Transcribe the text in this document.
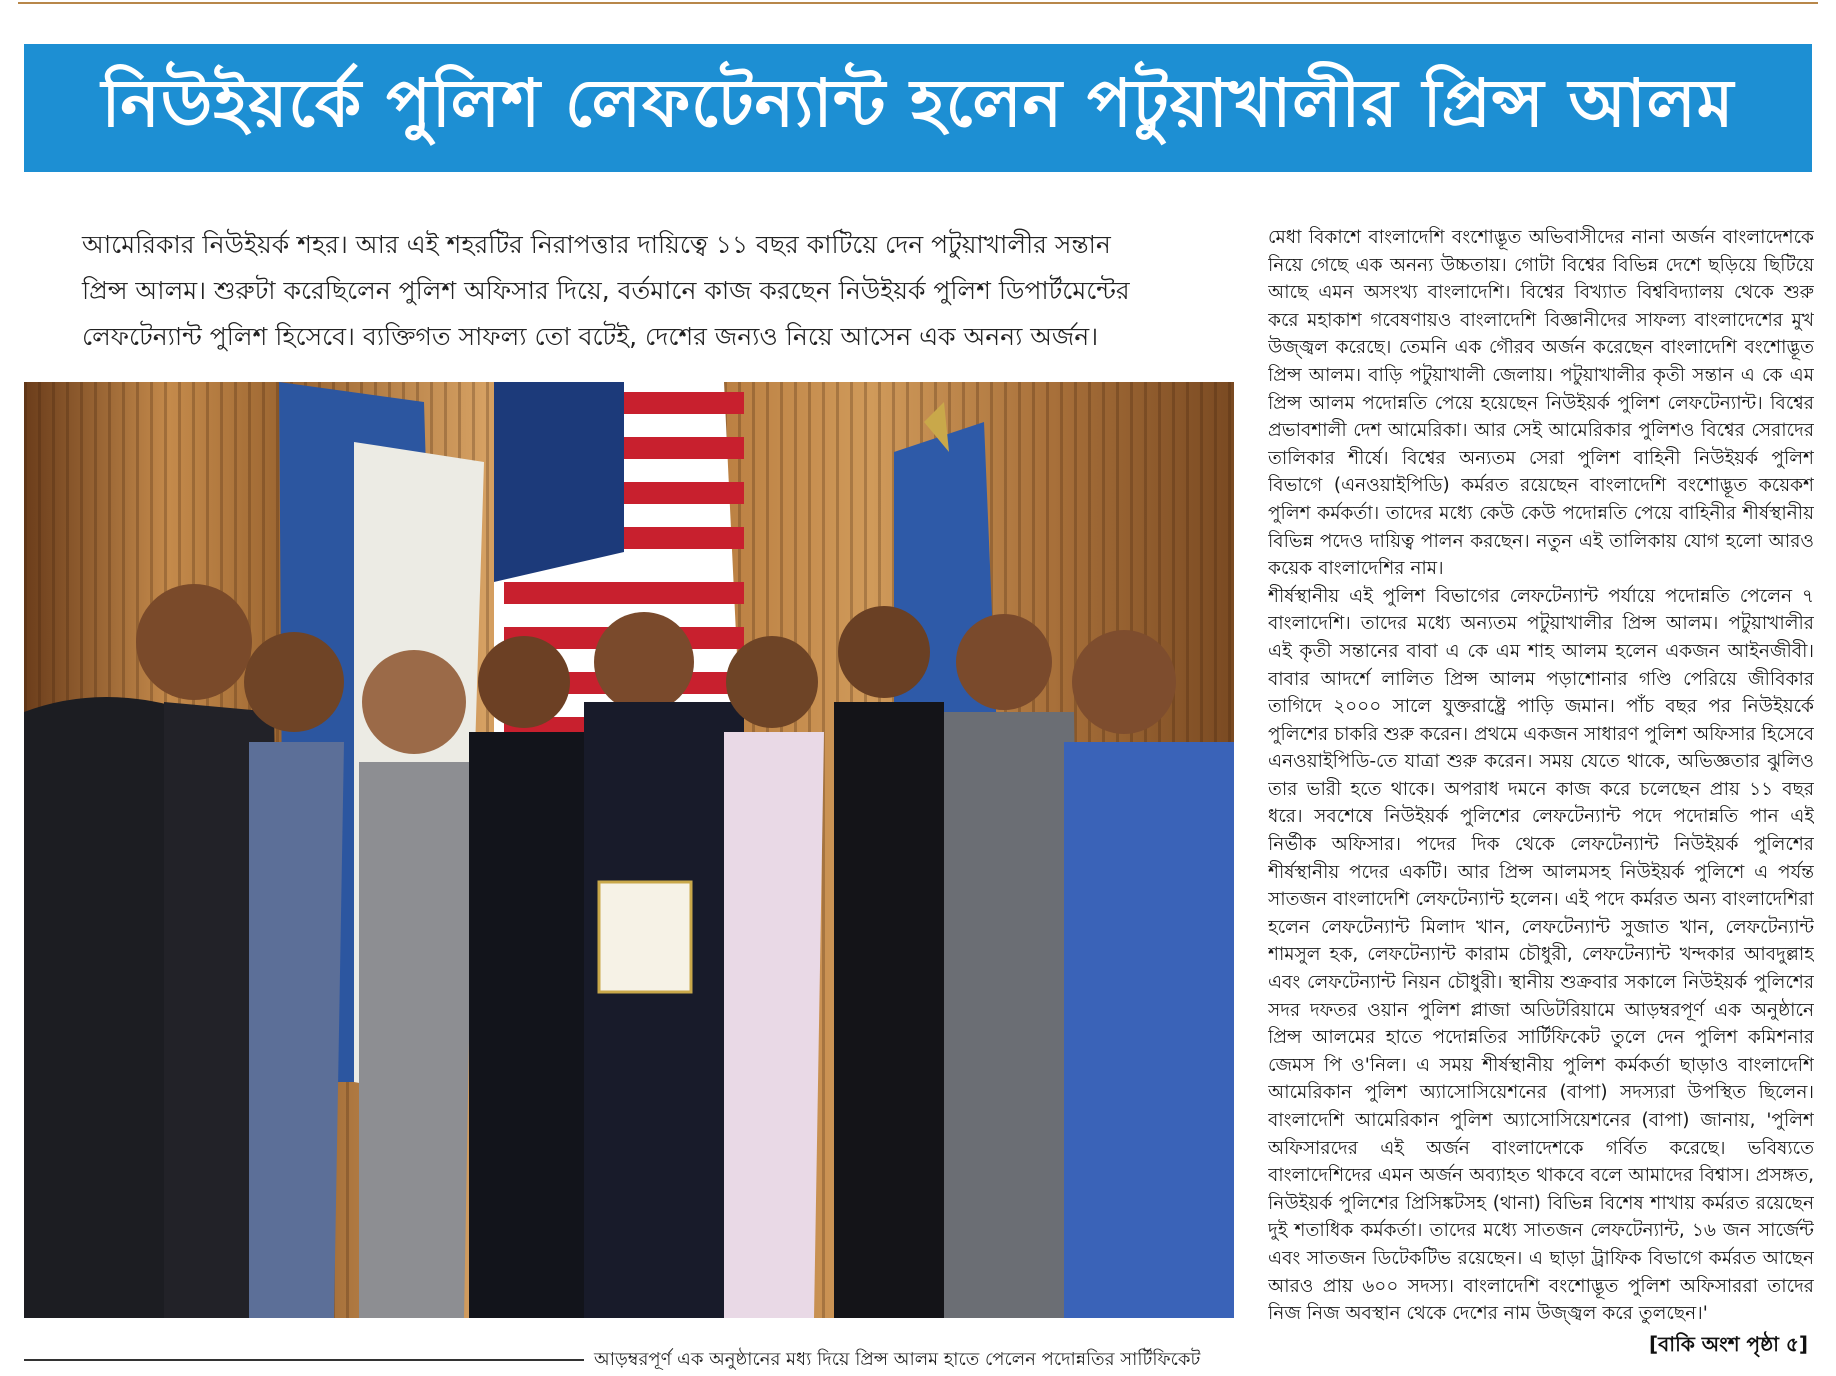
নিউইয়র্কে পুলিশ লেফটেন্যান্ট হলেন পটুয়াখালীর প্রিন্স আলম

আমেরিকার নিউইয়র্ক শহর। আর এই শহরটির নিরাপত্তার দায়িত্বে ১১ বছর কাটিয়ে দেন পটুয়াখালীর সন্তান

প্রিন্স আলম। শুরুটা করেছিলেন পুলিশ অফিসার দিয়ে, বর্তমানে কাজ করছেন নিউইয়র্ক পুলিশ ডিপার্টমেন্টের

লেফটেন্যান্ট পুলিশ হিসেবে। ব্যক্তিগত সাফল্য তো বটেই, দেশের জন্যও নিয়ে আসেন এক অনন্য অর্জন।

আড়ম্বরপূর্ণ এক অনুষ্ঠানের মধ্য দিয়ে প্রিন্স আলম হাতে পেলেন পদোন্নতির সার্টিফিকেট

মেধা বিকাশে বাংলাদেশি বংশোদ্ভূত অভিবাসীদের নানা অর্জন বাংলাদেশকে নিয়ে গেছে এক অনন্য উচ্চতায়। গোটা বিশ্বের বিভিন্ন দেশে ছড়িয়ে ছিটিয়ে আছে এমন অসংখ্য বাংলাদেশি। বিশ্বের বিখ্যাত বিশ্ববিদ্যালয় থেকে শুরু করে মহাকাশ গবেষণায়ও বাংলাদেশি বিজ্ঞানীদের সাফল্য বাংলাদেশের মুখ উজ্জ্বল করেছে। তেমনি এক গৌরব অর্জন করেছেন বাংলাদেশি বংশোদ্ভূত প্রিন্স আলম। বাড়ি পটুয়াখালী জেলায়। পটুয়াখালীর কৃতী সন্তান এ কে এম প্রিন্স আলম পদোন্নতি পেয়ে হয়েছেন নিউইয়র্ক পুলিশ লেফটেন্যান্ট। বিশ্বের প্রভাবশালী দেশ আমেরিকা। আর সেই আমেরিকার পুলিশও বিশ্বের সেরাদের তালিকার শীর্ষে। বিশ্বের অন্যতম সেরা পুলিশ বাহিনী নিউইয়র্ক পুলিশ বিভাগে (এনওয়াইপিডি) কর্মরত রয়েছেন বাংলাদেশি বংশোদ্ভূত কয়েকশ পুলিশ কর্মকর্তা। তাদের মধ্যে কেউ কেউ পদোন্নতি পেয়ে বাহিনীর শীর্ষস্থানীয় বিভিন্ন পদেও দায়িত্ব পালন করছেন। নতুন এই তালিকায় যোগ হলো আরও কয়েক বাংলাদেশির নাম।

শীর্ষস্থানীয় এই পুলিশ বিভাগের লেফটেন্যান্ট পর্যায়ে পদোন্নতি পেলেন ৭ বাংলাদেশি। তাদের মধ্যে অন্যতম পটুয়াখালীর প্রিন্স আলম। পটুয়াখালীর এই কৃতী সন্তানের বাবা এ কে এম শাহ আলম হলেন একজন আইনজীবী। বাবার আদর্শে লালিত প্রিন্স আলম পড়াশোনার গণ্ডি পেরিয়ে জীবিকার তাগিদে ২০০০ সালে যুক্তরাষ্ট্রে পাড়ি জমান। পাঁচ বছর পর নিউইয়র্কে পুলিশের চাকরি শুরু করেন। প্রথমে একজন সাধারণ পুলিশ অফিসার হিসেবে এনওয়াইপিডি-তে যাত্রা শুরু করেন। সময় যেতে থাকে, অভিজ্ঞতার ঝুলিও তার ভারী হতে থাকে। অপরাধ দমনে কাজ করে চলেছেন প্রায় ১১ বছর ধরে। সবশেষে নিউইয়র্ক পুলিশের লেফটেন্যান্ট পদে পদোন্নতি পান এই নির্ভীক অফিসার। পদের দিক থেকে লেফটেন্যান্ট নিউইয়র্ক পুলিশের শীর্ষস্থানীয় পদের একটি। আর প্রিন্স আলমসহ নিউইয়র্ক পুলিশে এ পর্যন্ত সাতজন বাংলাদেশি লেফটেন্যান্ট হলেন। এই পদে কর্মরত অন্য বাংলাদেশিরা হলেন লেফটেন্যান্ট মিলাদ খান, লেফটেন্যান্ট সুজাত খান, লেফটেন্যান্ট শামসুল হক, লেফটেন্যান্ট কারাম চৌধুরী, লেফটেন্যান্ট খন্দকার আবদুল্লাহ এবং লেফটেন্যান্ট নিয়ন চৌধুরী। স্থানীয় শুক্রবার সকালে নিউইয়র্ক পুলিশের সদর দফতর ওয়ান পুলিশ প্লাজা অডিটরিয়ামে আড়ম্বরপূর্ণ এক অনুষ্ঠানে প্রিন্স আলমের হাতে পদোন্নতির সার্টিফিকেট তুলে দেন পুলিশ কমিশনার জেমস পি ও'নিল। এ সময় শীর্ষস্থানীয় পুলিশ কর্মকর্তা ছাড়াও বাংলাদেশি আমেরিকান পুলিশ অ্যাসোসিয়েশনের (বাপা) সদস্যরা উপস্থিত ছিলেন। বাংলাদেশি আমেরিকান পুলিশ অ্যাসোসিয়েশনের (বাপা) জানায়, 'পুলিশ অফিসারদের এই অর্জন বাংলাদেশকে গর্বিত করেছে। ভবিষ্যতে বাংলাদেশিদের এমন অর্জন অব্যাহত থাকবে বলে আমাদের বিশ্বাস। প্রসঙ্গত, নিউইয়র্ক পুলিশের প্রিসিঙ্কটসহ (থানা) বিভিন্ন বিশেষ শাখায় কর্মরত রয়েছেন দুই শতাধিক কর্মকর্তা। তাদের মধ্যে সাতজন লেফটেন্যান্ট, ১৬ জন সার্জেন্ট এবং সাতজন ডিটেকটিভ রয়েছেন। এ ছাড়া ট্রাফিক বিভাগে কর্মরত আছেন আরও প্রায় ৬০০ সদস্য। বাংলাদেশি বংশোদ্ভূত পুলিশ অফিসাররা তাদের নিজ নিজ অবস্থান থেকে দেশের নাম উজ্জ্বল করে তুলছেন।'

[বাকি অংশ পৃষ্ঠা ৫]
